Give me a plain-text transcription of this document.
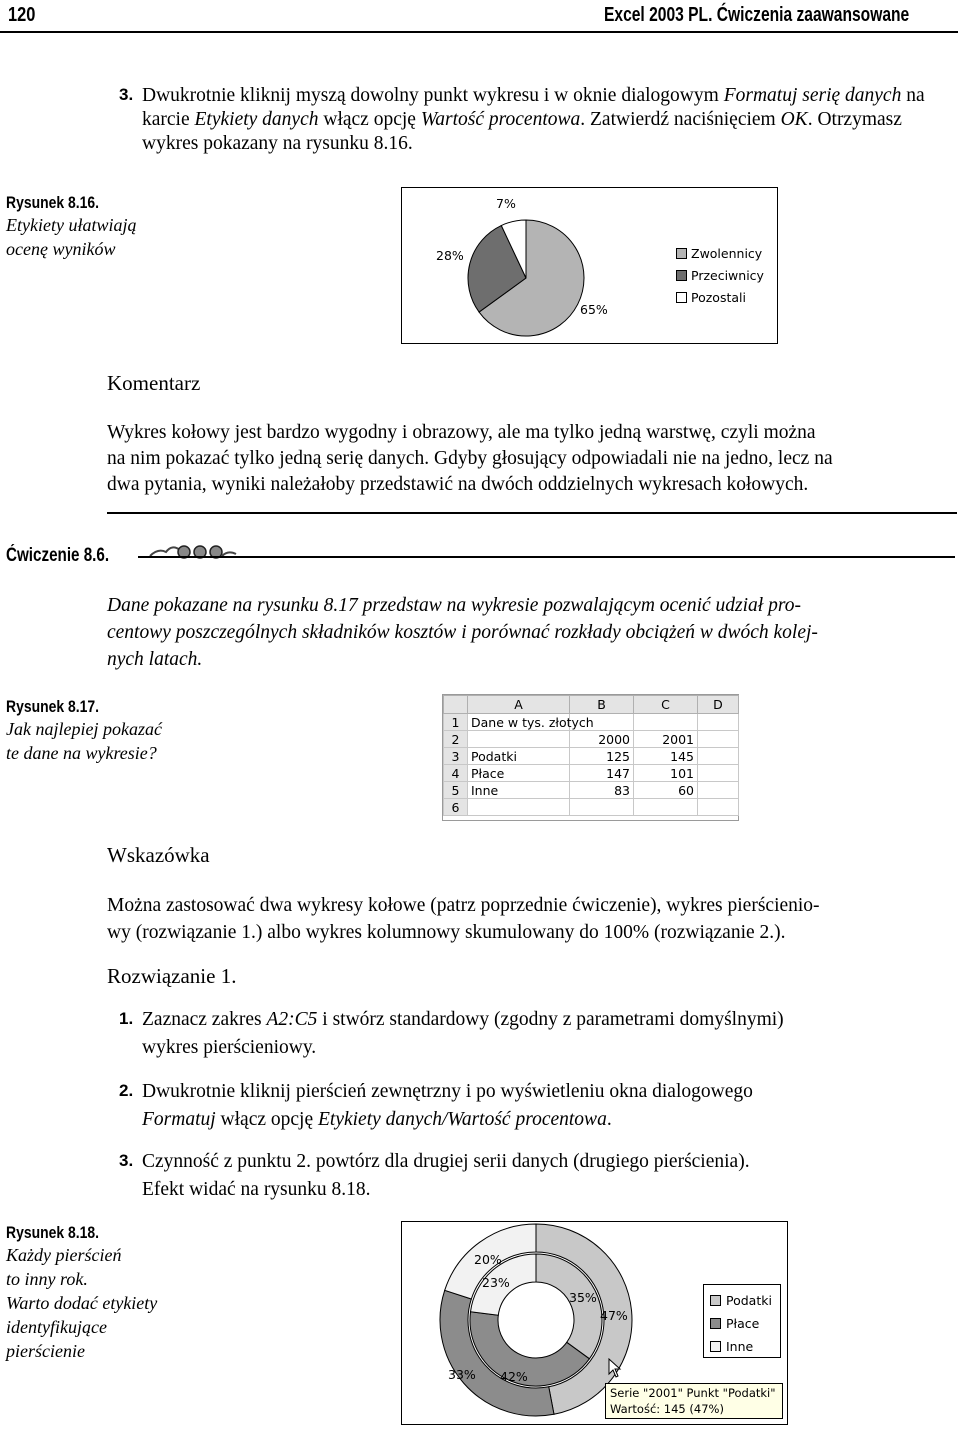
120	Excel 2003 PL. Ćwiczenia zaawansowane
3. Dwukrotnie kliknij myszą dowolny punkt wykresu i w oknie dialogowym Formatuj serię danych na karcie Etykiety danych włącz opcję Wartość procentowa. Zatwierdź naciśnięciem OK. Otrzymasz wykres pokazany na rysunku 8.16.
Rysunek 8.16.
Etykiety ułatwiają
ocenę wyników
65%
28%
7%
Zwolennicy
Przeciwnicy
Pozostali
Komentarz
Wykres kołowy jest bardzo wygodny i obrazowy, ale ma tylko jedną warstwę, czyli można
na nim pokazać tylko jedną serię danych. Gdyby głosujący odpowiadali nie na jedno, lecz na
dwa pytania, wyniki należałoby przedstawić na dwóch oddzielnych wykresach kołowych.
Ćwiczenie 8.6.
Dane pokazane na rysunku 8.17 przedstaw na wykresie pozwalającym ocenić udział pro-
centowy poszczególnych składników kosztów i porównać rozkłady obciążeń w dwóch kolej-
nych latach.
Rysunek 8.17.
Jak najlepiej pokazać
te dane na wykresie?
	A	B	C	D
1	Dane w tys. złotych			
2		2000	2001	
3	Podatki	125	145	
4	Płace	147	101	
5	Inne	83	60	
6				
Wskazówka
Można zastosować dwa wykresy kołowe (patrz poprzednie ćwiczenie), wykres pierścienio-
wy (rozwiązanie 1.) albo wykres kolumnowy skumulowany do 100% (rozwiązanie 2.).
Rozwiązanie 1.
1. Zaznacz zakres A2:C5 i stwórz standardowy (zgodny z parametrami domyślnymi)
wykres pierścieniowy.
2. Dwukrotnie kliknij pierścień zewnętrzny i po wyświetleniu okna dialogowego
Formatuj włącz opcję Etykiety danych/Wartość procentowa.
3. Czynność z punktu 2. powtórz dla drugiej serii danych (drugiego pierścienia).
Efekt widać na rysunku 8.18.
Rysunek 8.18.
Każdy pierścień
to inny rok.
Warto dodać etykiety
identyfikujące
pierścienie
20%
23%
35%
47%
33% 42%
Podatki
Płace
Inne
Serie "2001" Punkt "Podatki"
Wartość: 145 (47%)
